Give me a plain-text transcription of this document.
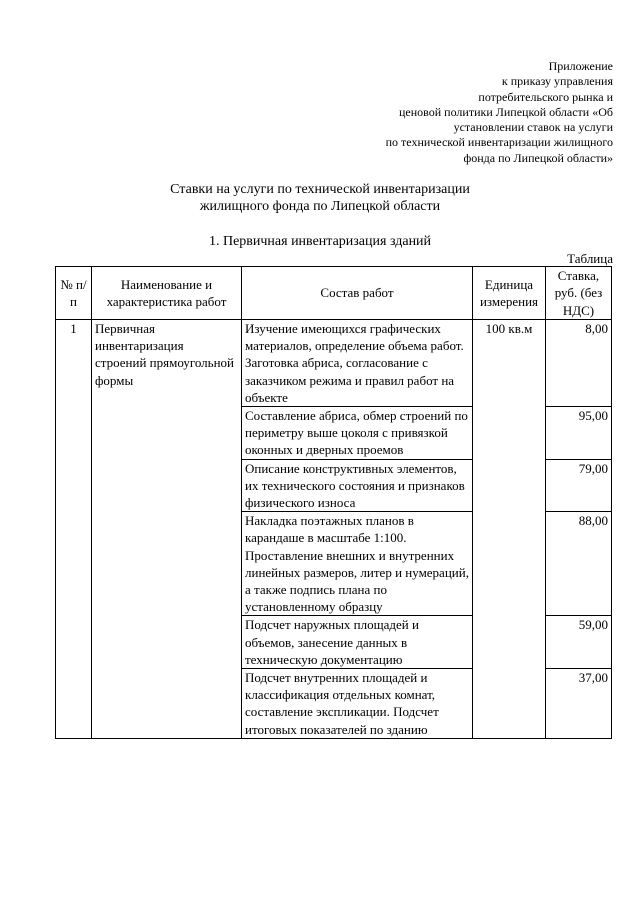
Приложение
к приказу управления
потребительского рынка и
ценовой политики Липецкой области «Об
установлении ставок на услуги
по технической инвентаризации жилищного
фонда по Липецкой области»
Ставки на услуги по технической инвентаризации
жилищного фонда по Липецкой области
1. Первичная инвентаризация зданий
Таблица
№ п/п	Наименование и характеристика работ	Состав работ	Единица измерения	Ставка, руб. (без НДС)
1	Первичная инвентаризация строений прямоугольной формы	Изучение имеющихся графических материалов, определение объема работ. Заготовка абриса, согласование с заказчиком режима и правил работ на объекте	100 кв.м	8,00
		Составление абриса, обмер строений по периметру выше цоколя с привязкой оконных и дверных проемов		95,00
		Описание конструктивных элементов, их технического состояния и признаков физического износа		79,00
		Накладка поэтажных планов в карандаше в масштабе 1:100. Проставление внешних и внутренних линейных размеров, литер и нумераций, а также подпись плана по установленному образцу		88,00
		Подсчет наружных площадей и объемов, занесение данных в техническую документацию		59,00
		Подсчет внутренних площадей и классификация отдельных комнат, составление экспликации. Подсчет итоговых показателей по зданию		37,00
